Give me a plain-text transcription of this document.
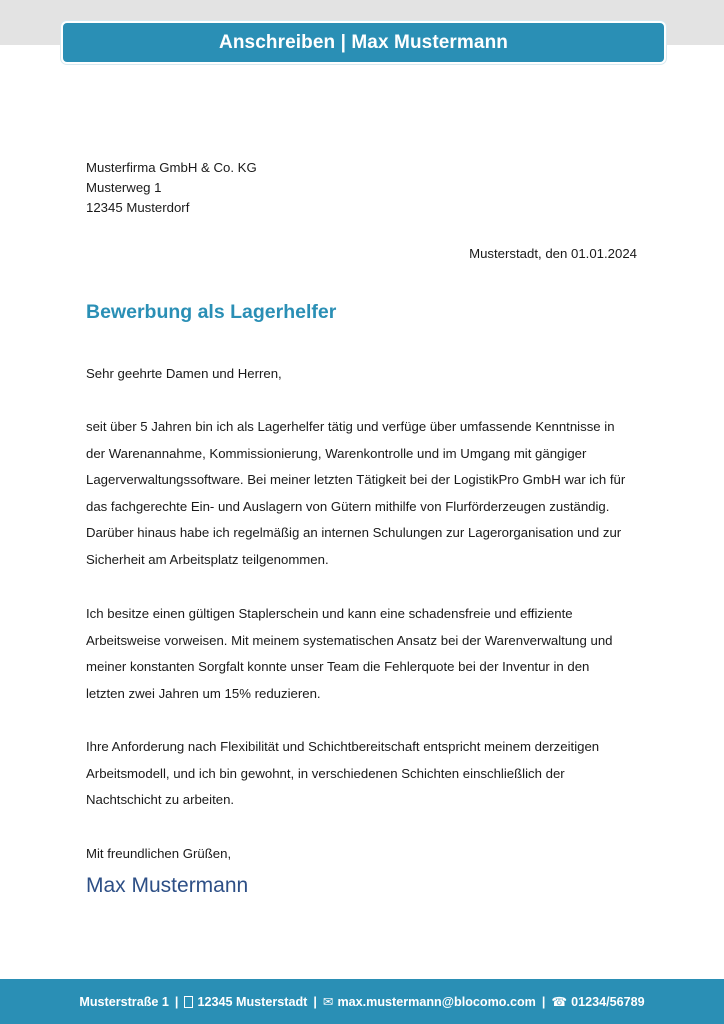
Anschreiben | Max Mustermann
Musterfirma GmbH & Co. KG
Musterweg 1
12345 Musterdorf
Musterstadt, den 01.01.2024
Bewerbung als Lagerhelfer
Sehr geehrte Damen und Herren,
seit über 5 Jahren bin ich als Lagerhelfer tätig und verfüge über umfassende Kenntnisse in
der Warenannahme, Kommissionierung, Warenkontrolle und im Umgang mit gängiger
Lagerverwaltungssoftware. Bei meiner letzten Tätigkeit bei der LogistikPro GmbH war ich für
das fachgerechte Ein- und Auslagern von Gütern mithilfe von Flurförderzeugen zuständig.
Darüber hinaus habe ich regelmäßig an internen Schulungen zur Lagerorganisation und zur
Sicherheit am Arbeitsplatz teilgenommen.
Ich besitze einen gültigen Staplerschein und kann eine schadensfreie und effiziente
Arbeitsweise vorweisen. Mit meinem systematischen Ansatz bei der Warenverwaltung und
meiner konstanten Sorgfalt konnte unser Team die Fehlerquote bei der Inventur in den
letzten zwei Jahren um 15% reduzieren.
Ihre Anforderung nach Flexibilität und Schichtbereitschaft entspricht meinem derzeitigen
Arbeitsmodell, und ich bin gewohnt, in verschiedenen Schichten einschließlich der
Nachtschicht zu arbeiten.
Mit freundlichen Grüßen,
Max Mustermann
Musterstraße 1 | 12345 Musterstadt | ✉ max.mustermann@blocomo.com | ☎ 01234/56789
